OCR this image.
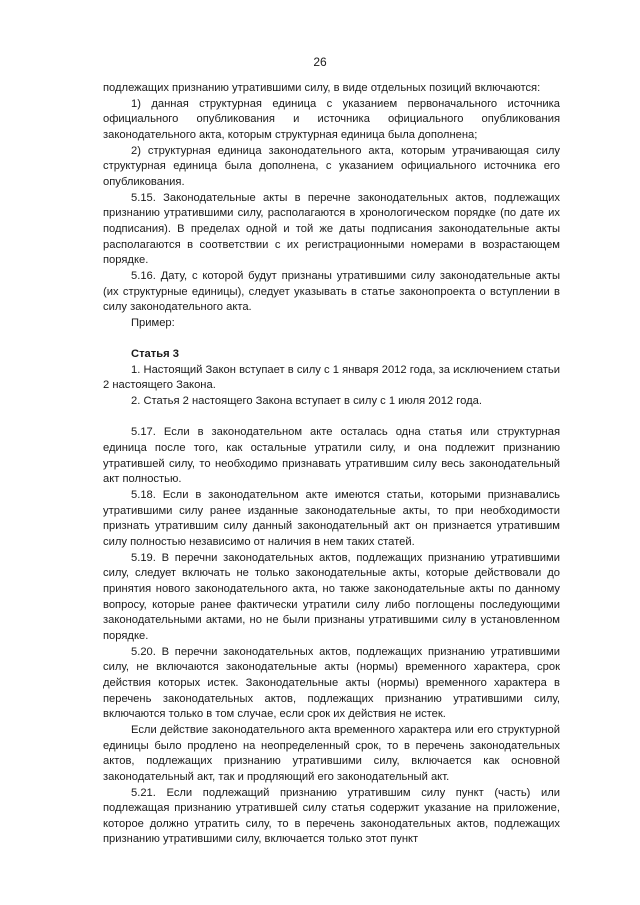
26

подлежащих признанию утратившими силу, в виде отдельных позиций включаются:

1) данная структурная единица с указанием первоначального источника официального опубликования и источника официального опубликования законодательного акта, которым структурная единица была дополнена;

2) структурная единица законодательного акта, которым утрачивающая силу структурная единица была дополнена, с указанием официального источника его опубликования.

5.15. Законодательные акты в перечне законодательных актов, подлежащих признанию утратившими силу, располагаются в хронологическом порядке (по дате их подписания). В пределах одной и той же даты подписания законодательные акты располагаются в соответствии с их регистрационными номерами в возрастающем порядке.

5.16. Дату, с которой будут признаны утратившими силу законодательные акты (их структурные единицы), следует указывать в статье законопроекта о вступлении в силу законодательного акта.

Пример:

Статья 3

1. Настоящий Закон вступает в силу с 1 января 2012 года, за исключением статьи 2 настоящего Закона.

2. Статья 2 настоящего Закона вступает в силу с 1 июля 2012 года.

5.17. Если в законодательном акте осталась одна статья или структурная единица после того, как остальные утратили силу, и она подлежит признанию утратившей силу, то необходимо признавать утратившим силу весь законодательный акт полностью.

5.18. Если в законодательном акте имеются статьи, которыми признавались утратившими силу ранее изданные законодательные акты, то при необходимости признать утратившим силу данный законодательный акт он признается утратившим силу полностью независимо от наличия в нем таких статей.

5.19. В перечни законодательных актов, подлежащих признанию утратившими силу, следует включать не только законодательные акты, которые действовали до принятия нового законодательного акта, но также законодательные акты по данному вопросу, которые ранее фактически утратили силу либо поглощены последующими законодательными актами, но не были признаны утратившими силу в установленном порядке.

5.20. В перечни законодательных актов, подлежащих признанию утратившими силу, не включаются законодательные акты (нормы) временного характера, срок действия которых истек. Законодательные акты (нормы) временного характера в перечень законодательных актов, подлежащих признанию утратившими силу, включаются только в том случае, если срок их действия не истек.

Если действие законодательного акта временного характера или его структурной единицы было продлено на неопределенный срок, то в перечень законодательных актов, подлежащих признанию утратившими силу, включается как основной законодательный акт, так и продляющий его законодательный акт.

5.21. Если подлежащий признанию утратившим силу пункт (часть) или подлежащая признанию утратившей силу статья содержит указание на приложение, которое должно утратить силу, то в перечень законодательных актов, подлежащих признанию утратившими силу, включается только этот пункт
